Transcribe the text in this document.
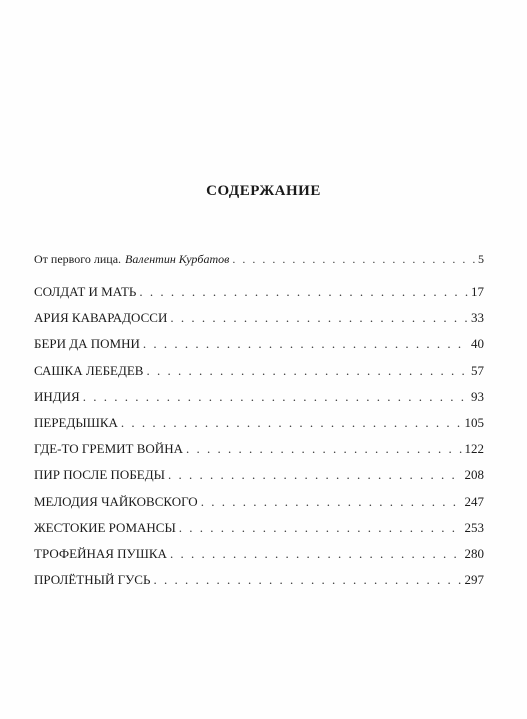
СОДЕРЖАНИЕ
От первого лица. Валентин Курбатов . . .	5
СОЛДАТ И МАТЬ . . .	17
АРИЯ КАВАРАДОССИ . . .	33
БЕРИ ДА ПОМНИ . . .	40
САШКА ЛЕБЕДЕВ . . .	57
ИНДИЯ . . .	93
ПЕРЕДЫШКА . . .	105
ГДЕ-ТО ГРЕМИТ ВОЙНА . . .	122
ПИР ПОСЛЕ ПОБЕДЫ . . .	208
МЕЛОДИЯ ЧАЙКОВСКОГО . . .	247
ЖЕСТОКИЕ РОМАНСЫ . . .	253
ТРОФЕЙНАЯ ПУШКА . . .	280
ПРОЛЁТНЫЙ ГУСЬ . . .	297
